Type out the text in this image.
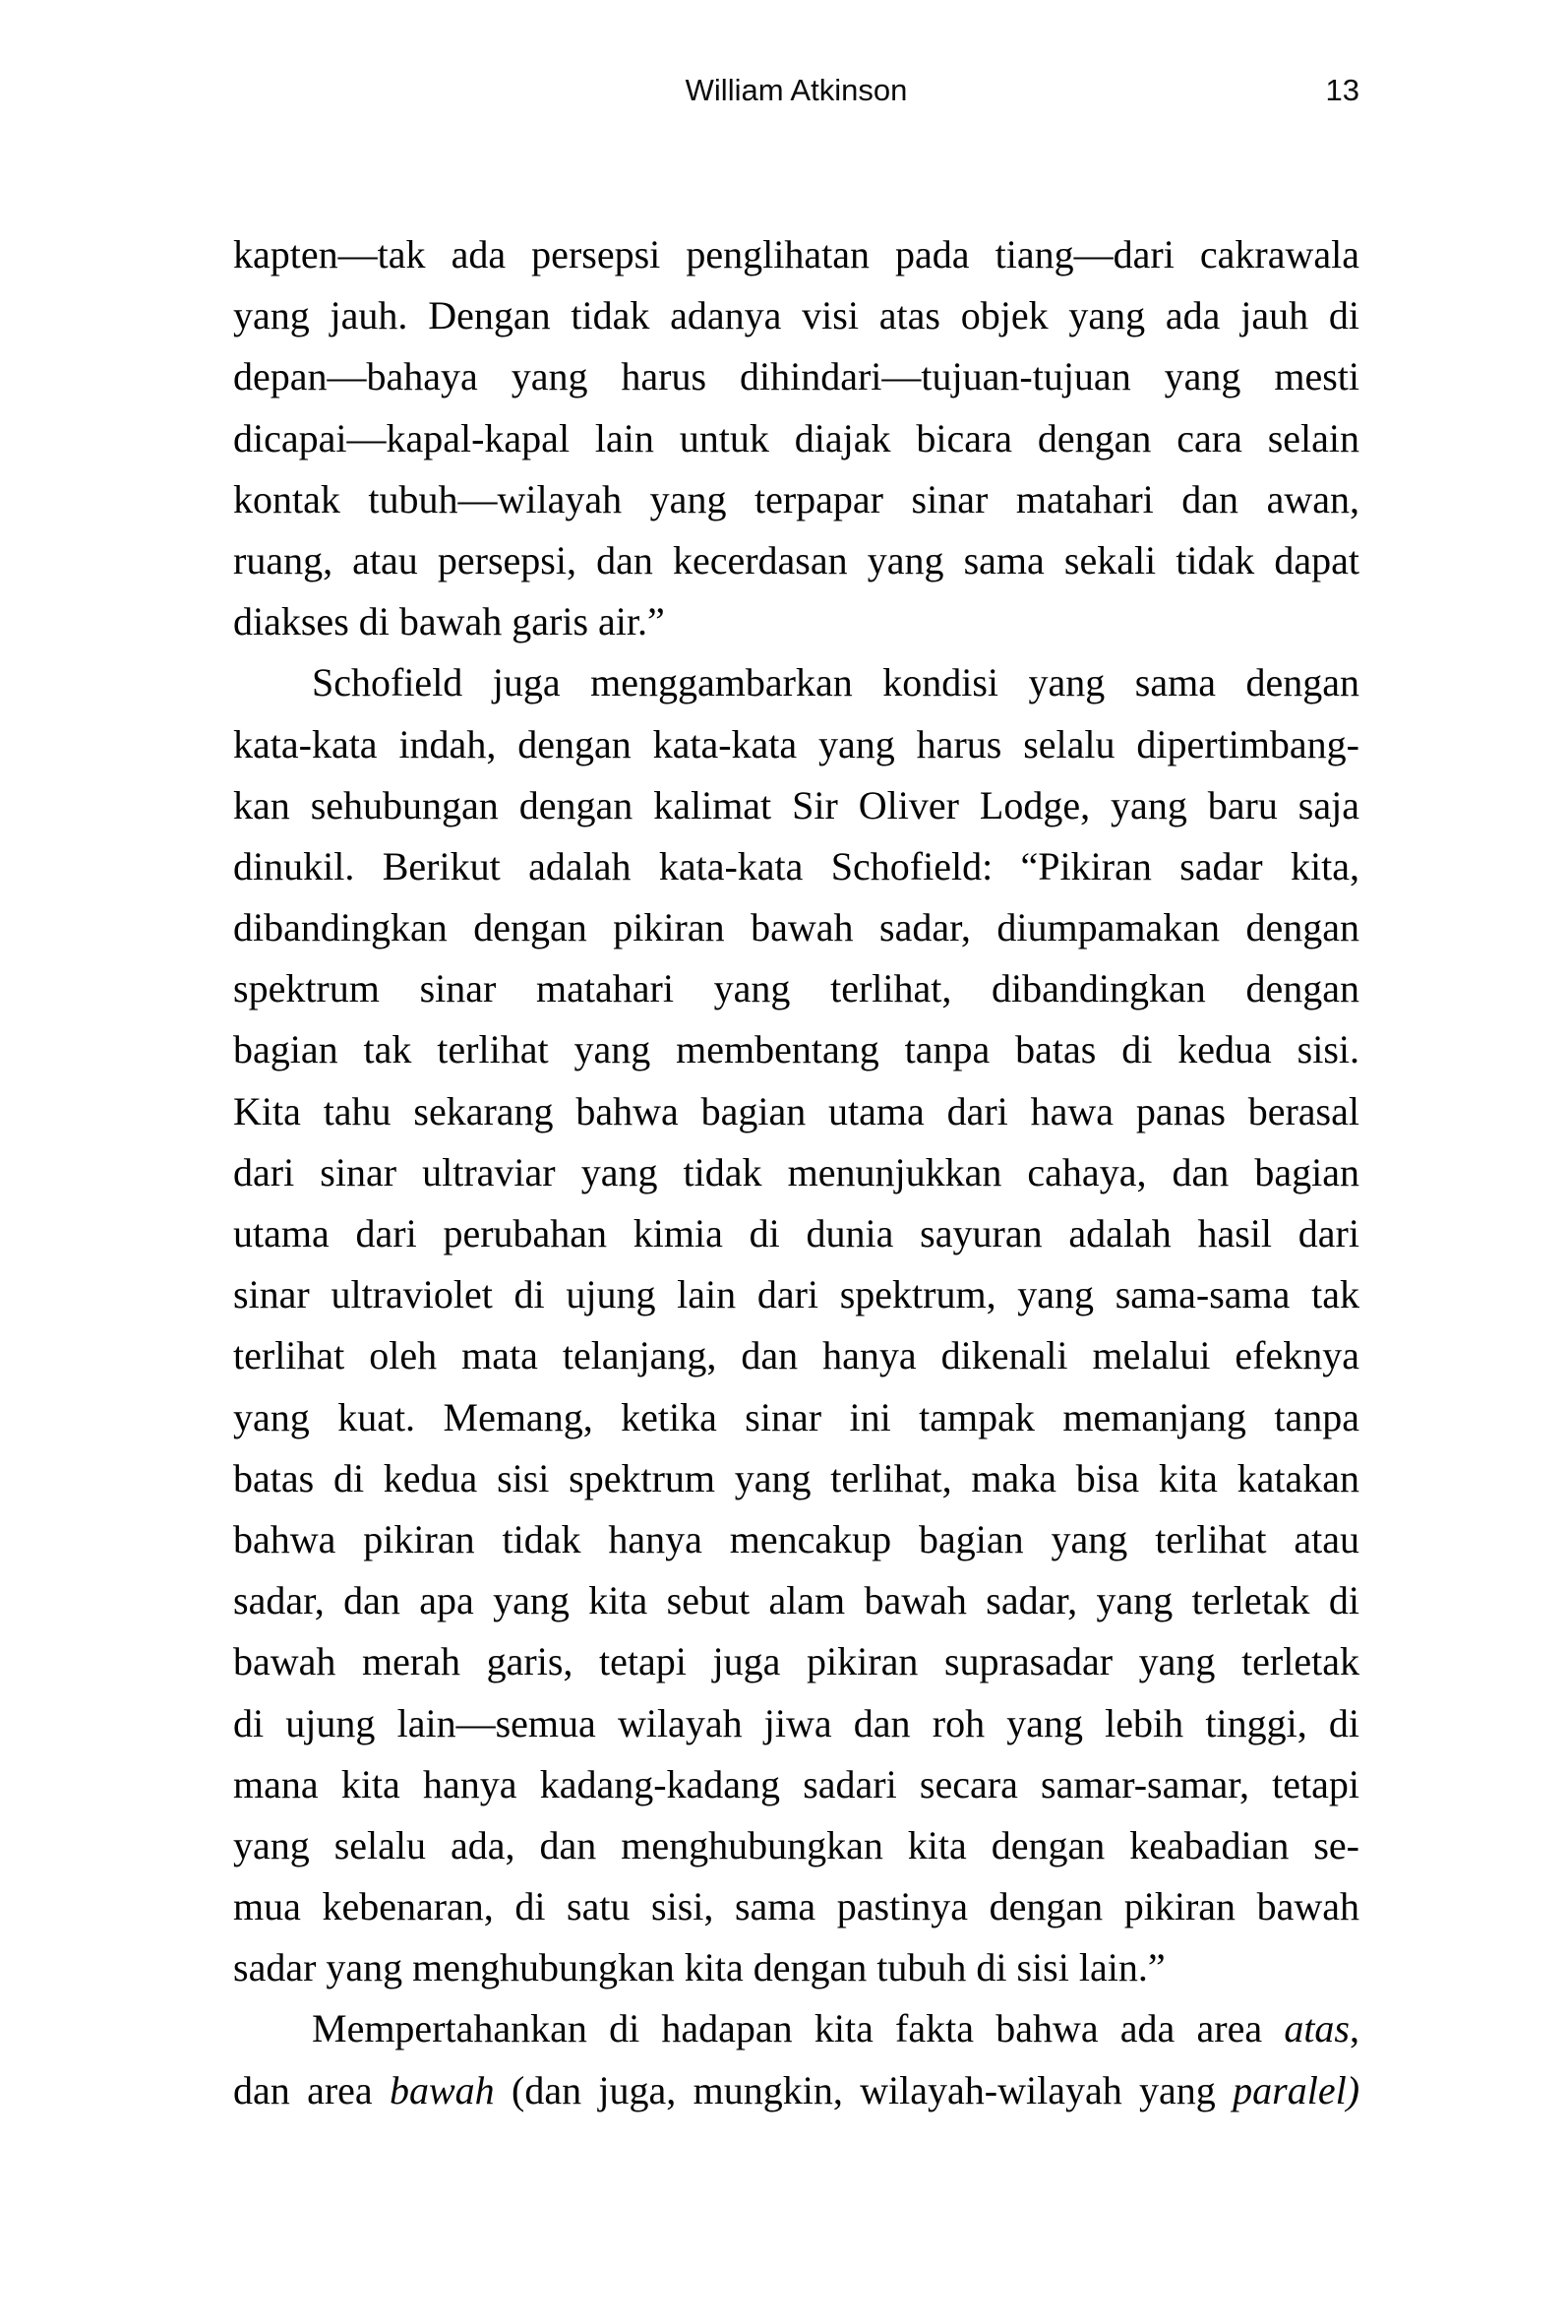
William Atkinson	13
kapten—tak ada persepsi penglihatan pada tiang—dari cakrawala
yang jauh. Dengan tidak adanya visi atas objek yang ada jauh di
depan—bahaya yang harus dihindari—tujuan-tujuan yang mesti
dicapai—kapal-kapal lain untuk diajak bicara dengan cara selain
kontak tubuh—wilayah yang terpapar sinar matahari dan awan,
ruang, atau persepsi, dan kecerdasan yang sama sekali tidak dapat
diakses di bawah garis air.”
Schofield juga menggambarkan kondisi yang sama dengan
kata-kata indah, dengan kata-kata yang harus selalu dipertimbang-
kan sehubungan dengan kalimat Sir Oliver Lodge, yang baru saja
dinukil. Berikut adalah kata-kata Schofield: “Pikiran sadar kita,
dibandingkan dengan pikiran bawah sadar, diumpamakan dengan
spektrum sinar matahari yang terlihat, dibandingkan dengan
bagian tak terlihat yang membentang tanpa batas di kedua sisi.
Kita tahu sekarang bahwa bagian utama dari hawa panas berasal
dari sinar ultraviar yang tidak menunjukkan cahaya, dan bagian
utama dari perubahan kimia di dunia sayuran adalah hasil dari
sinar ultraviolet di ujung lain dari spektrum, yang sama-sama tak
terlihat oleh mata telanjang, dan hanya dikenali melalui efeknya
yang kuat. Memang, ketika sinar ini tampak memanjang tanpa
batas di kedua sisi spektrum yang terlihat, maka bisa kita katakan
bahwa pikiran tidak hanya mencakup bagian yang terlihat atau
sadar, dan apa yang kita sebut alam bawah sadar, yang terletak di
bawah merah garis, tetapi juga pikiran suprasadar yang terletak
di ujung lain—semua wilayah jiwa dan roh yang lebih tinggi, di
mana kita hanya kadang-kadang sadari secara samar-samar, tetapi
yang selalu ada, dan menghubungkan kita dengan keabadian se-
mua kebenaran, di satu sisi, sama pastinya dengan pikiran bawah
sadar yang menghubungkan kita dengan tubuh di sisi lain.”
Mempertahankan di hadapan kita fakta bahwa ada area atas,
dan area bawah (dan juga, mungkin, wilayah-wilayah yang paralel)
